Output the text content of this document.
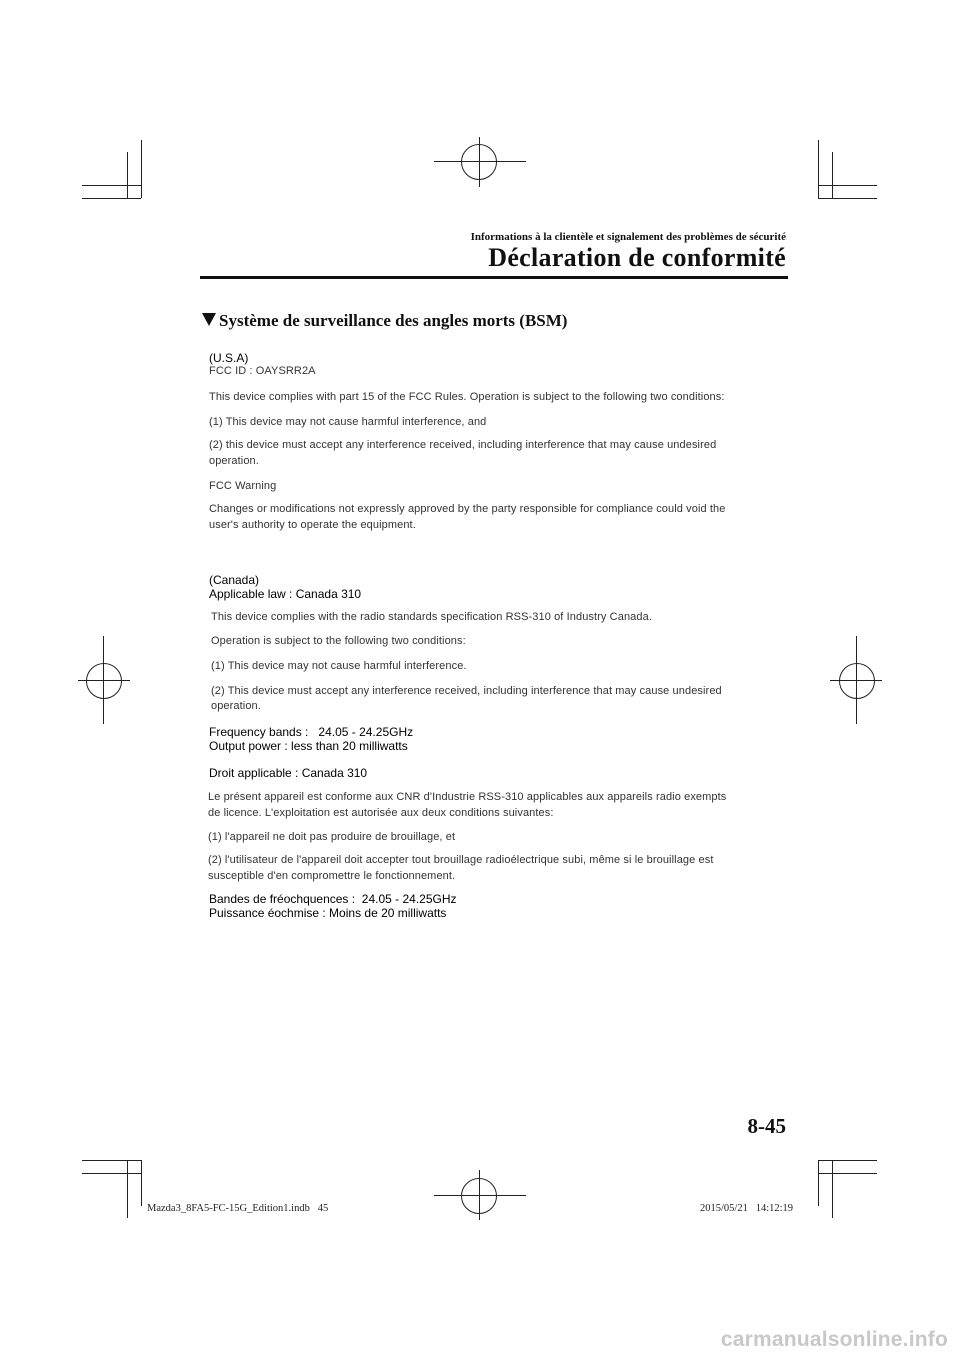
Informations à la clientèle et signalement des problèmes de sécurité
Déclaration de conformité
Système de surveillance des angles morts (BSM)
(U.S.A)
FCC ID : OAYSRR2A
This device complies with part 15 of the FCC Rules. Operation is subject to the following two conditions:
(1) This device may not cause harmful interference, and
(2) this device must accept any interference received, including interference that may cause undesired
operation.
FCC Warning
Changes or modifications not expressly approved by the party responsible for compliance could void the
user's authority to operate the equipment.
(Canada)
Applicable law : Canada 310
This device complies with the radio standards specification RSS-310 of Industry Canada.
Operation is subject to the following two conditions:
(1) This device may not cause harmful interference.
(2) This device must accept any interference received, including interference that may cause undesired
operation.
Frequency bands :   24.05 - 24.25GHz
Output power : less than 20 milliwatts
Droit applicable : Canada 310
Le présent appareil est conforme aux CNR d'Industrie RSS-310 applicables aux appareils radio exempts
de licence. L'exploitation est autorisée aux deux conditions suivantes:
(1) l'appareil ne doit pas produire de brouillage, et
(2) l'utilisateur de l'appareil doit accepter tout brouillage radioélectrique subi, même si le brouillage est
susceptible d'en compromettre le fonctionnement.
Bandes de fréochquences :  24.05 - 24.25GHz
Puissance éochmise : Moins de 20 milliwatts
8-45
Mazda3_8FA5-FC-15G_Edition1.indb   45	2015/05/21   14:12:19
carmanualsonline.info
